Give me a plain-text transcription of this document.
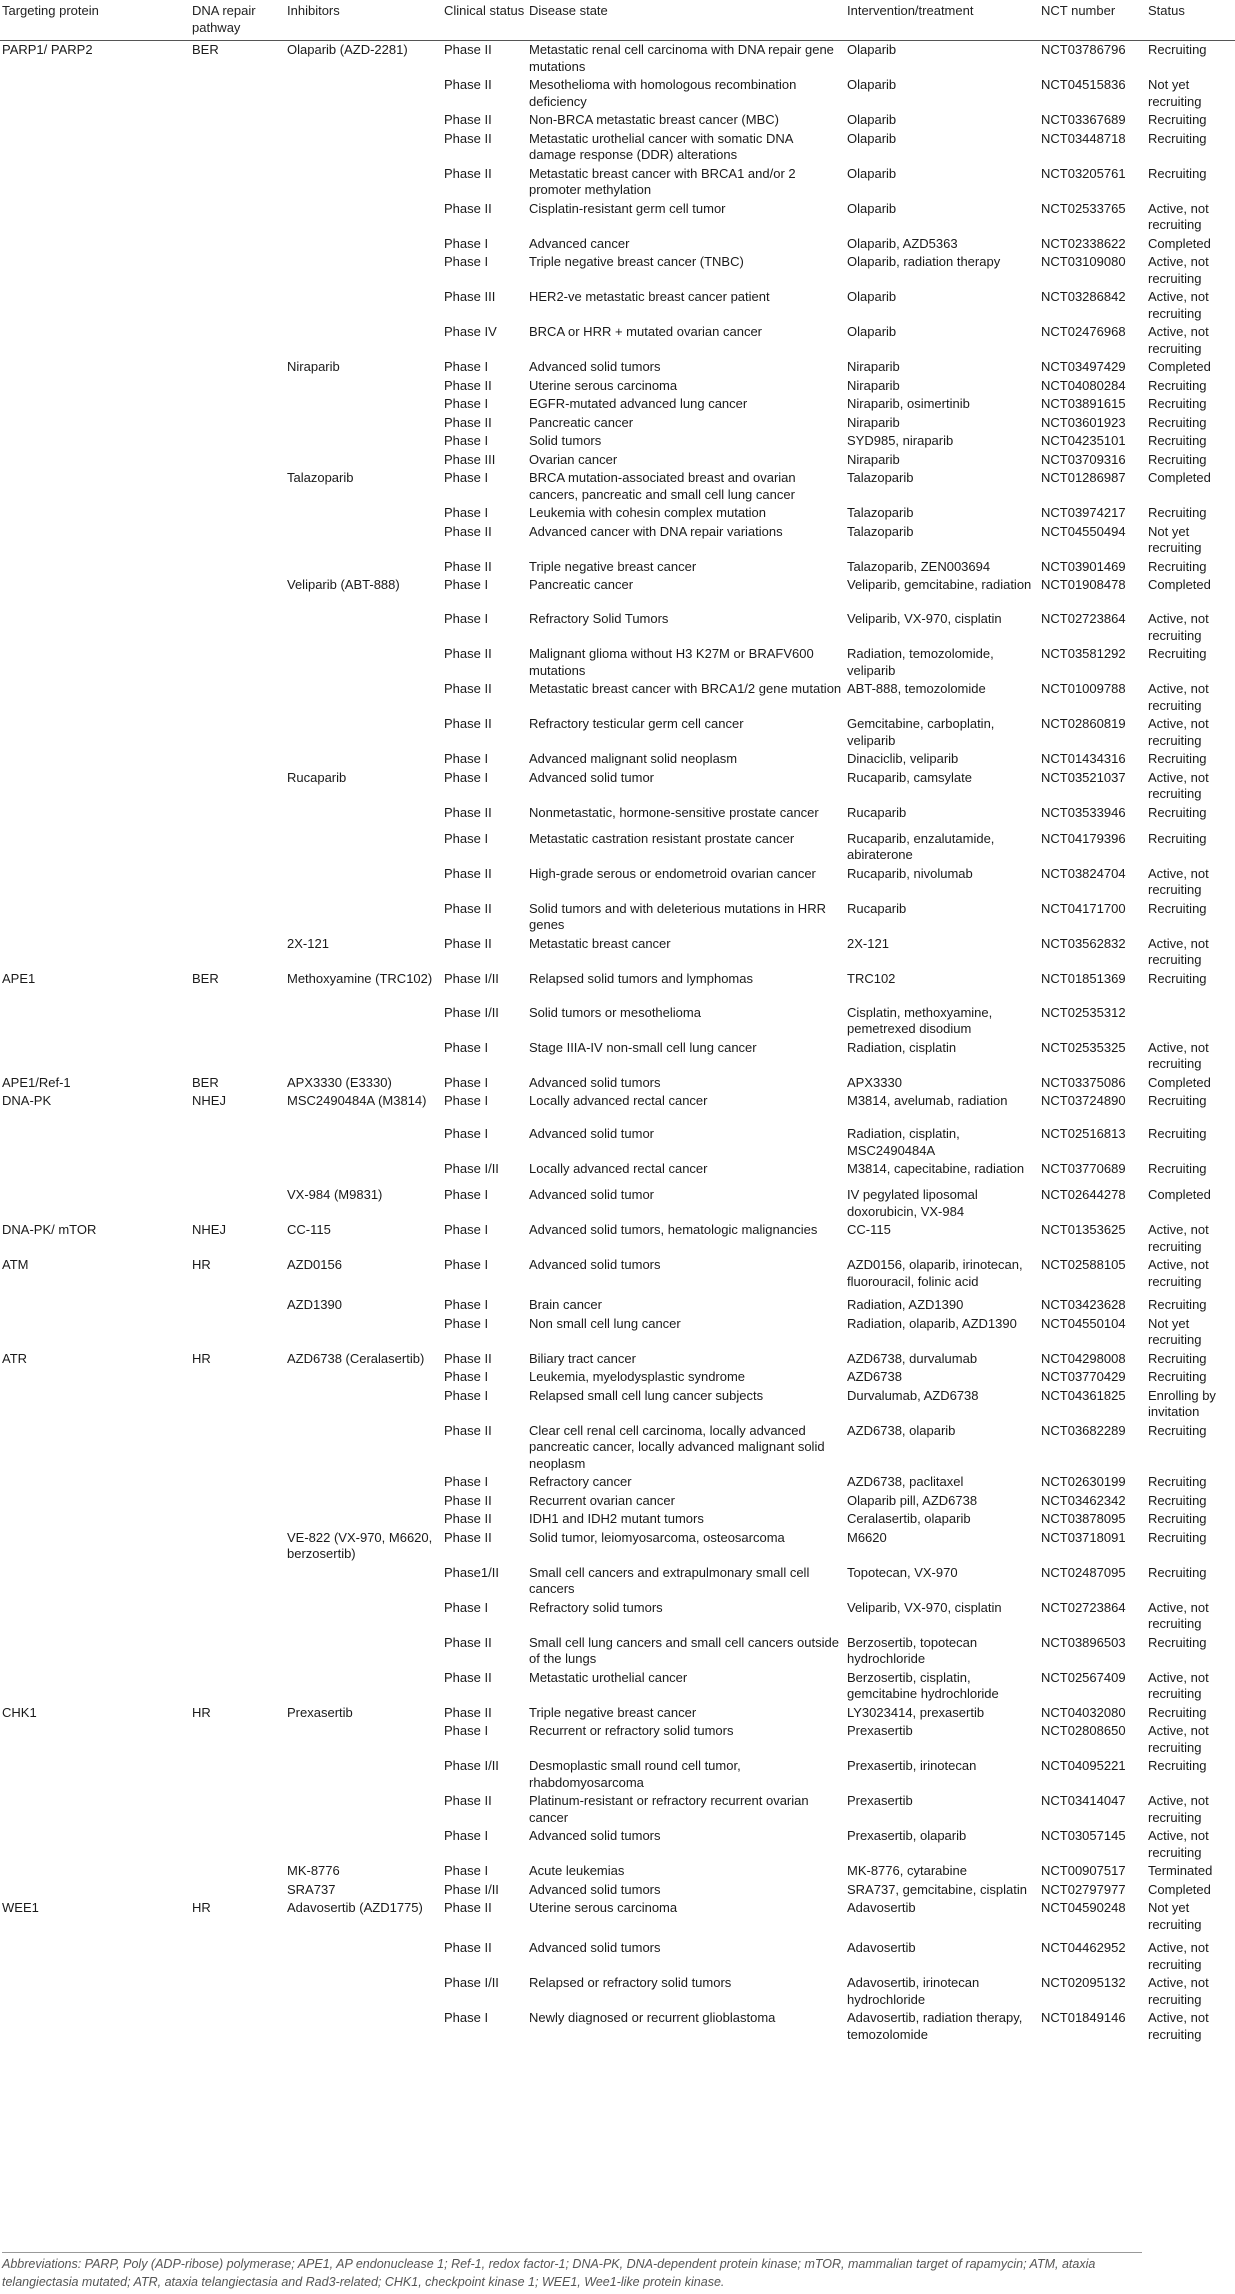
Targeting protein	DNA repair pathway	Inhibitors	Clinical status	Disease state	Intervention/treatment	NCT number	Status
PARP1/ PARP2	BER	Olaparib (AZD-2281)	Phase II	Metastatic renal cell carcinoma with DNA repair gene mutations	Olaparib	NCT03786796	Recruiting
			Phase II	Mesothelioma with homologous recombination deficiency	Olaparib	NCT04515836	Not yet recruiting
			Phase II	Non-BRCA metastatic breast cancer (MBC)	Olaparib	NCT03367689	Recruiting
			Phase II	Metastatic urothelial cancer with somatic DNA damage response (DDR) alterations	Olaparib	NCT03448718	Recruiting
			Phase II	Metastatic breast cancer with BRCA1 and/or 2 promoter methylation	Olaparib	NCT03205761	Recruiting
			Phase II	Cisplatin-resistant germ cell tumor	Olaparib	NCT02533765	Active, not recruiting
			Phase I	Advanced cancer	Olaparib, AZD5363	NCT02338622	Completed
			Phase I	Triple negative breast cancer (TNBC)	Olaparib, radiation therapy	NCT03109080	Active, not recruiting
			Phase III	HER2-ve metastatic breast cancer patient	Olaparib	NCT03286842	Active, not recruiting
			Phase IV	BRCA or HRR + mutated ovarian cancer	Olaparib	NCT02476968	Active, not recruiting
		Niraparib	Phase I	Advanced solid tumors	Niraparib	NCT03497429	Completed
			Phase II	Uterine serous carcinoma	Niraparib	NCT04080284	Recruiting
			Phase I	EGFR-mutated advanced lung cancer	Niraparib, osimertinib	NCT03891615	Recruiting
			Phase II	Pancreatic cancer	Niraparib	NCT03601923	Recruiting
			Phase I	Solid tumors	SYD985, niraparib	NCT04235101	Recruiting
			Phase III	Ovarian cancer	Niraparib	NCT03709316	Recruiting
		Talazoparib	Phase I	BRCA mutation-associated breast and ovarian cancers, pancreatic and small cell lung cancer	Talazoparib	NCT01286987	Completed
			Phase I	Leukemia with cohesin complex mutation	Talazoparib	NCT03974217	Recruiting
			Phase II	Advanced cancer with DNA repair variations	Talazoparib	NCT04550494	Not yet recruiting
			Phase II	Triple negative breast cancer	Talazoparib, ZEN003694	NCT03901469	Recruiting
		Veliparib (ABT-888)	Phase I	Pancreatic cancer	Veliparib, gemcitabine, radiation	NCT01908478	Completed
			Phase I	Refractory Solid Tumors	Veliparib, VX-970, cisplatin	NCT02723864	Active, not recruiting
			Phase II	Malignant glioma without H3 K27M or BRAFV600 mutations	Radiation, temozolomide, veliparib	NCT03581292	Recruiting
			Phase II	Metastatic breast cancer with BRCA1/2 gene mutation	ABT-888, temozolomide	NCT01009788	Active, not recruiting
			Phase II	Refractory testicular germ cell cancer	Gemcitabine, carboplatin, veliparib	NCT02860819	Active, not recruiting
			Phase I	Advanced malignant solid neoplasm	Dinaciclib, veliparib	NCT01434316	Recruiting
		Rucaparib	Phase I	Advanced solid tumor	Rucaparib, camsylate	NCT03521037	Active, not recruiting
			Phase II	Nonmetastatic, hormone-sensitive prostate cancer	Rucaparib	NCT03533946	Recruiting
			Phase I	Metastatic castration resistant prostate cancer	Rucaparib, enzalutamide, abiraterone	NCT04179396	Recruiting
			Phase II	High-grade serous or endometroid ovarian cancer	Rucaparib, nivolumab	NCT03824704	Active, not recruiting
			Phase II	Solid tumors and with deleterious mutations in HRR genes	Rucaparib	NCT04171700	Recruiting
		2X-121	Phase II	Metastatic breast cancer	2X-121	NCT03562832	Active, not recruiting
APE1	BER	Methoxyamine (TRC102)	Phase I/II	Relapsed solid tumors and lymphomas	TRC102	NCT01851369	Recruiting
			Phase I/II	Solid tumors or mesothelioma	Cisplatin, methoxyamine, pemetrexed disodium	NCT02535312	
			Phase I	Stage IIIA-IV non-small cell lung cancer	Radiation, cisplatin	NCT02535325	Active, not recruiting
APE1/Ref-1	BER	APX3330 (E3330)	Phase I	Advanced solid tumors	APX3330	NCT03375086	Completed
DNA-PK	NHEJ	MSC2490484A (M3814)	Phase I	Locally advanced rectal cancer	M3814, avelumab, radiation	NCT03724890	Recruiting
			Phase I	Advanced solid tumor	Radiation, cisplatin, MSC2490484A	NCT02516813	Recruiting
			Phase I/II	Locally advanced rectal cancer	M3814, capecitabine, radiation	NCT03770689	Recruiting
		VX-984 (M9831)	Phase I	Advanced solid tumor	IV pegylated liposomal doxorubicin, VX-984	NCT02644278	Completed
DNA-PK/ mTOR	NHEJ	CC-115	Phase I	Advanced solid tumors, hematologic malignancies	CC-115	NCT01353625	Active, not recruiting
ATM	HR	AZD0156	Phase I	Advanced solid tumors	AZD0156, olaparib, irinotecan, fluorouracil, folinic acid	NCT02588105	Active, not recruiting
		AZD1390	Phase I	Brain cancer	Radiation, AZD1390	NCT03423628	Recruiting
			Phase I	Non small cell lung cancer	Radiation, olaparib, AZD1390	NCT04550104	Not yet recruiting
ATR	HR	AZD6738 (Ceralasertib)	Phase II	Biliary tract cancer	AZD6738, durvalumab	NCT04298008	Recruiting
			Phase I	Leukemia, myelodysplastic syndrome	AZD6738	NCT03770429	Recruiting
			Phase I	Relapsed small cell lung cancer subjects	Durvalumab, AZD6738	NCT04361825	Enrolling by invitation
			Phase II	Clear cell renal cell carcinoma, locally advanced pancreatic cancer, locally advanced malignant solid neoplasm	AZD6738, olaparib	NCT03682289	Recruiting
			Phase I	Refractory cancer	AZD6738, paclitaxel	NCT02630199	Recruiting
			Phase II	Recurrent ovarian cancer	Olaparib pill, AZD6738	NCT03462342	Recruiting
			Phase II	IDH1 and IDH2 mutant tumors	Ceralasertib, olaparib	NCT03878095	Recruiting
		VE-822 (VX-970, M6620, berzosertib)	Phase II	Solid tumor, leiomyosarcoma, osteosarcoma	M6620	NCT03718091	Recruiting
			Phase1/II	Small cell cancers and extrapulmonary small cell cancers	Topotecan, VX-970	NCT02487095	Recruiting
			Phase I	Refractory solid tumors	Veliparib, VX-970, cisplatin	NCT02723864	Active, not recruiting
			Phase II	Small cell lung cancers and small cell cancers outside of the lungs	Berzosertib, topotecan hydrochloride	NCT03896503	Recruiting
			Phase II	Metastatic urothelial cancer	Berzosertib, cisplatin, gemcitabine hydrochloride	NCT02567409	Active, not recruiting
CHK1	HR	Prexasertib	Phase II	Triple negative breast cancer	LY3023414, prexasertib	NCT04032080	Recruiting
			Phase I	Recurrent or refractory solid tumors	Prexasertib	NCT02808650	Active, not recruiting
			Phase I/II	Desmoplastic small round cell tumor, rhabdomyosarcoma	Prexasertib, irinotecan	NCT04095221	Recruiting
			Phase II	Platinum-resistant or refractory recurrent ovarian cancer	Prexasertib	NCT03414047	Active, not recruiting
			Phase I	Advanced solid tumors	Prexasertib, olaparib	NCT03057145	Active, not recruiting
		MK-8776	Phase I	Acute leukemias	MK-8776, cytarabine	NCT00907517	Terminated
		SRA737	Phase I/II	Advanced solid tumors	SRA737, gemcitabine, cisplatin	NCT02797977	Completed
WEE1	HR	Adavosertib (AZD1775)	Phase II	Uterine serous carcinoma	Adavosertib	NCT04590248	Not yet recruiting
			Phase II	Advanced solid tumors	Adavosertib	NCT04462952	Active, not recruiting
			Phase I/II	Relapsed or refractory solid tumors	Adavosertib, irinotecan hydrochloride	NCT02095132	Active, not recruiting
			Phase I	Newly diagnosed or recurrent glioblastoma	Adavosertib, radiation therapy, temozolomide	NCT01849146	Active, not recruiting
Abbreviations: PARP, Poly (ADP-ribose) polymerase; APE1, AP endonuclease 1; Ref-1, redox factor-1; DNA-PK, DNA-dependent protein kinase; mTOR, mammalian target of rapamycin; ATM, ataxia telangiectasia mutated; ATR, ataxia telangiectasia and Rad3-related; CHK1, checkpoint kinase 1; WEE1, Wee1-like protein kinase.
